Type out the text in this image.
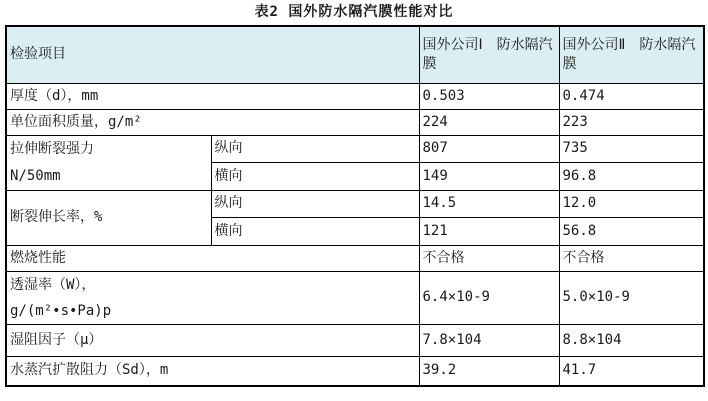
表2 国外防水隔汽膜性能对比
检验项目		国外公司Ⅰ　防水隔汽膜	国外公司Ⅱ　防水隔汽膜
厚度（d），mm		0.503	0.474
单位面积质量，g/m²		224	223

拉伸断裂强力
N/50mm	纵向	807	735
	横向	149	96.8
断裂伸长率，%	纵向	14.5	12.0
	横向	121	56.8
燃烧性能		不合格	不合格

透湿率（W），
g/(m²•s•Pa)p		6.4×10-9	5.0×10-9
湿阻因子（μ）		7.8×104	8.8×104
水蒸汽扩散阻力（Sd），m		39.2	41.7
